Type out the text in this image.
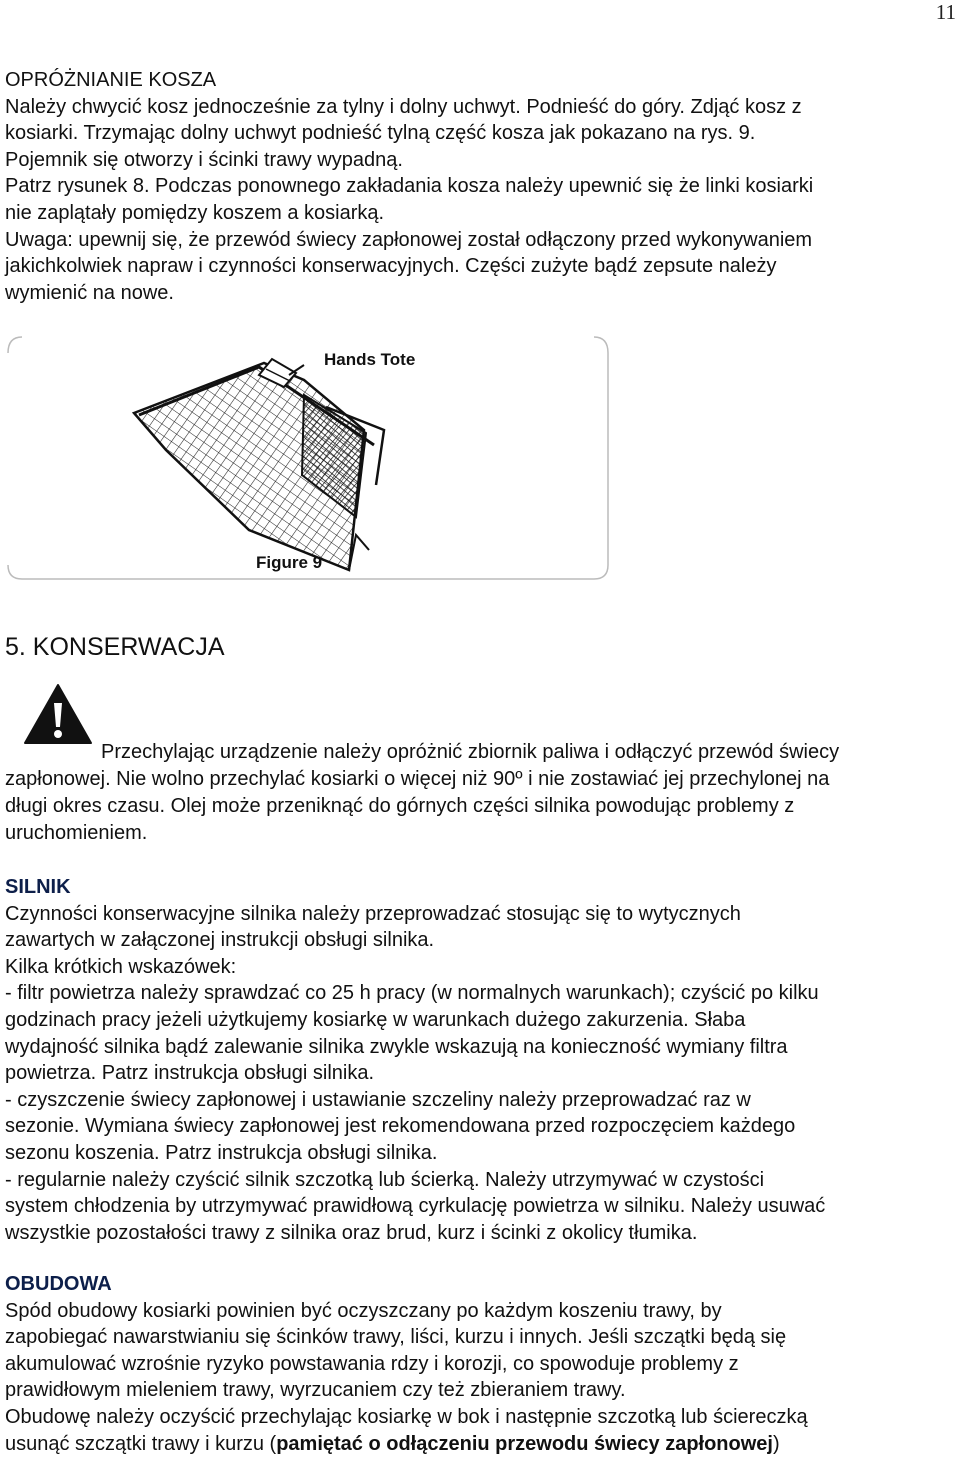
11

OPRÓŻNIANIE KOSZA

Należy chwycić kosz jednocześnie za tylny i dolny uchwyt. Podnieść do góry. Zdjąć kosz z

kosiarki. Trzymając dolny uchwyt podnieść tylną część kosza jak pokazano na rys. 9.

Pojemnik się otworzy i ścinki trawy wypadną.

Patrz rysunek 8. Podczas ponownego zakładania kosza należy upewnić się że linki kosiarki

nie zaplątały pomiędzy koszem a kosiarką.

Uwaga: upewnij się, że przewód świecy zapłonowej został odłączony przed wykonywaniem

jakichkolwiek napraw i czynności konserwacyjnych. Części zużyte bądź zepsute należy

wymienić na nowe.

Hands Tote
Figure 9
5. KONSERWACJA

Przechylając urządzenie należy opróżnić zbiornik paliwa i odłączyć przewód świecy

zapłonowej. Nie wolno przechylać kosiarki o więcej niż 90º i nie zostawiać jej przechylonej na

długi okres czasu. Olej może przeniknąć do górnych części silnika powodując problemy z

uruchomieniem.

SILNIK

Czynności konserwacyjne silnika należy przeprowadzać stosując się to wytycznych

zawartych w załączonej instrukcji obsługi silnika.

Kilka krótkich wskazówek:

- filtr powietrza należy sprawdzać co 25 h pracy (w normalnych warunkach); czyścić po kilku

godzinach pracy jeżeli użytkujemy kosiarkę w warunkach dużego zakurzenia. Słaba

wydajność silnika bądź zalewanie silnika zwykle wskazują na konieczność wymiany filtra

powietrza. Patrz instrukcja obsługi silnika.

- czyszczenie świecy zapłonowej i ustawianie szczeliny należy przeprowadzać raz w

sezonie. Wymiana świecy zapłonowej jest rekomendowana przed rozpoczęciem każdego

sezonu koszenia. Patrz instrukcja obsługi silnika.

- regularnie należy czyścić silnik szczotką lub ścierką. Należy utrzymywać w czystości

system chłodzenia by utrzymywać prawidłową cyrkulację powietrza w silniku. Należy usuwać

wszystkie pozostałości trawy z silnika oraz brud, kurz i ścinki z okolicy tłumika.

OBUDOWA

Spód obudowy kosiarki powinien być oczyszczany po każdym koszeniu trawy, by

zapobiegać nawarstwianiu się ścinków trawy, liści, kurzu i innych. Jeśli szczątki będą się

akumulować wzrośnie ryzyko powstawania rdzy i korozji, co spowoduje problemy z

prawidłowym mieleniem trawy, wyrzucaniem czy też zbieraniem trawy.

Obudowę należy oczyścić przechylając kosiarkę w bok i następnie szczotką lub ściereczką

usunąć szczątki trawy i kurzu (pamiętać o odłączeniu przewodu świecy zapłonowej)
